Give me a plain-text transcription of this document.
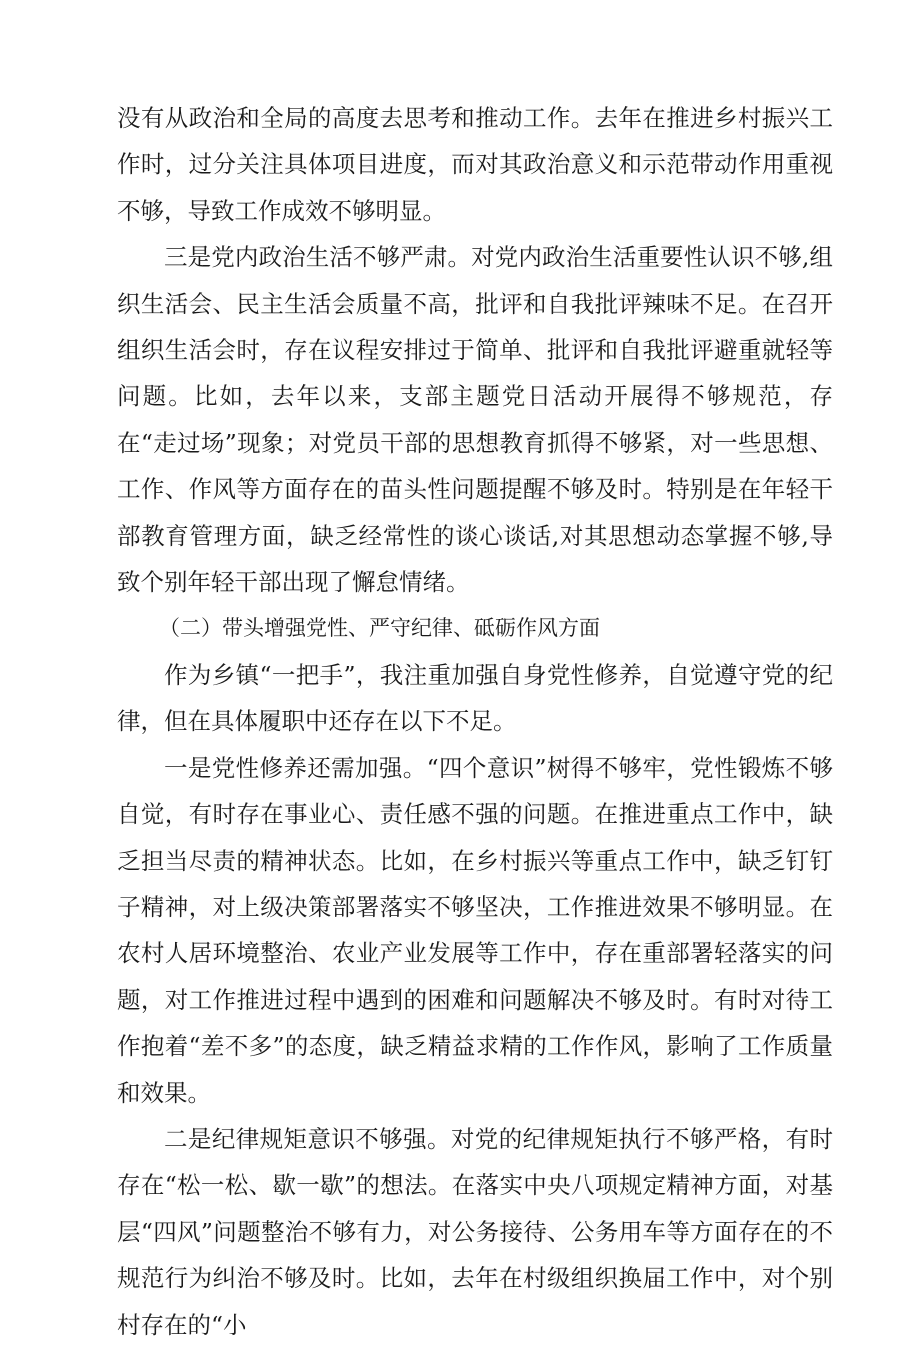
没有从政治和全局的高度去思考和推动工作。去年在推进乡村振兴工作时，过分关注具体项目进度，而对其政治意义和示范带动作用重视不够，导致工作成效不够明显。

三是党内政治生活不够严肃。对党内政治生活重要性认识不够,组织生活会、民主生活会质量不高，批评和自我批评辣味不足。在召开组织生活会时，存在议程安排过于简单、批评和自我批评避重就轻等问题。比如，去年以来，支部主题党日活动开展得不够规范，存在“走过场”现象；对党员干部的思想教育抓得不够紧，对一些思想、工作、作风等方面存在的苗头性问题提醒不够及时。特别是在年轻干部教育管理方面，缺乏经常性的谈心谈话,对其思想动态掌握不够,导致个别年轻干部出现了懈怠情绪。

（二）带头增强党性、严守纪律、砥砺作风方面

作为乡镇“一把手”，我注重加强自身党性修养，自觉遵守党的纪律，但在具体履职中还存在以下不足。

一是党性修养还需加强。“四个意识”树得不够牢，党性锻炼不够自觉，有时存在事业心、责任感不强的问题。在推进重点工作中，缺乏担当尽责的精神状态。比如，在乡村振兴等重点工作中，缺乏钉钉子精神，对上级决策部署落实不够坚决，工作推进效果不够明显。在农村人居环境整治、农业产业发展等工作中，存在重部署轻落实的问题，对工作推进过程中遇到的困难和问题解决不够及时。有时对待工作抱着“差不多”的态度，缺乏精益求精的工作作风，影响了工作质量和效果。

二是纪律规矩意识不够强。对党的纪律规矩执行不够严格，有时存在“松一松、歇一歇”的想法。在落实中央八项规定精神方面，对基层“四风”问题整治不够有力，对公务接待、公务用车等方面存在的不规范行为纠治不够及时。比如，去年在村级组织换届工作中，对个别村存在的“小
